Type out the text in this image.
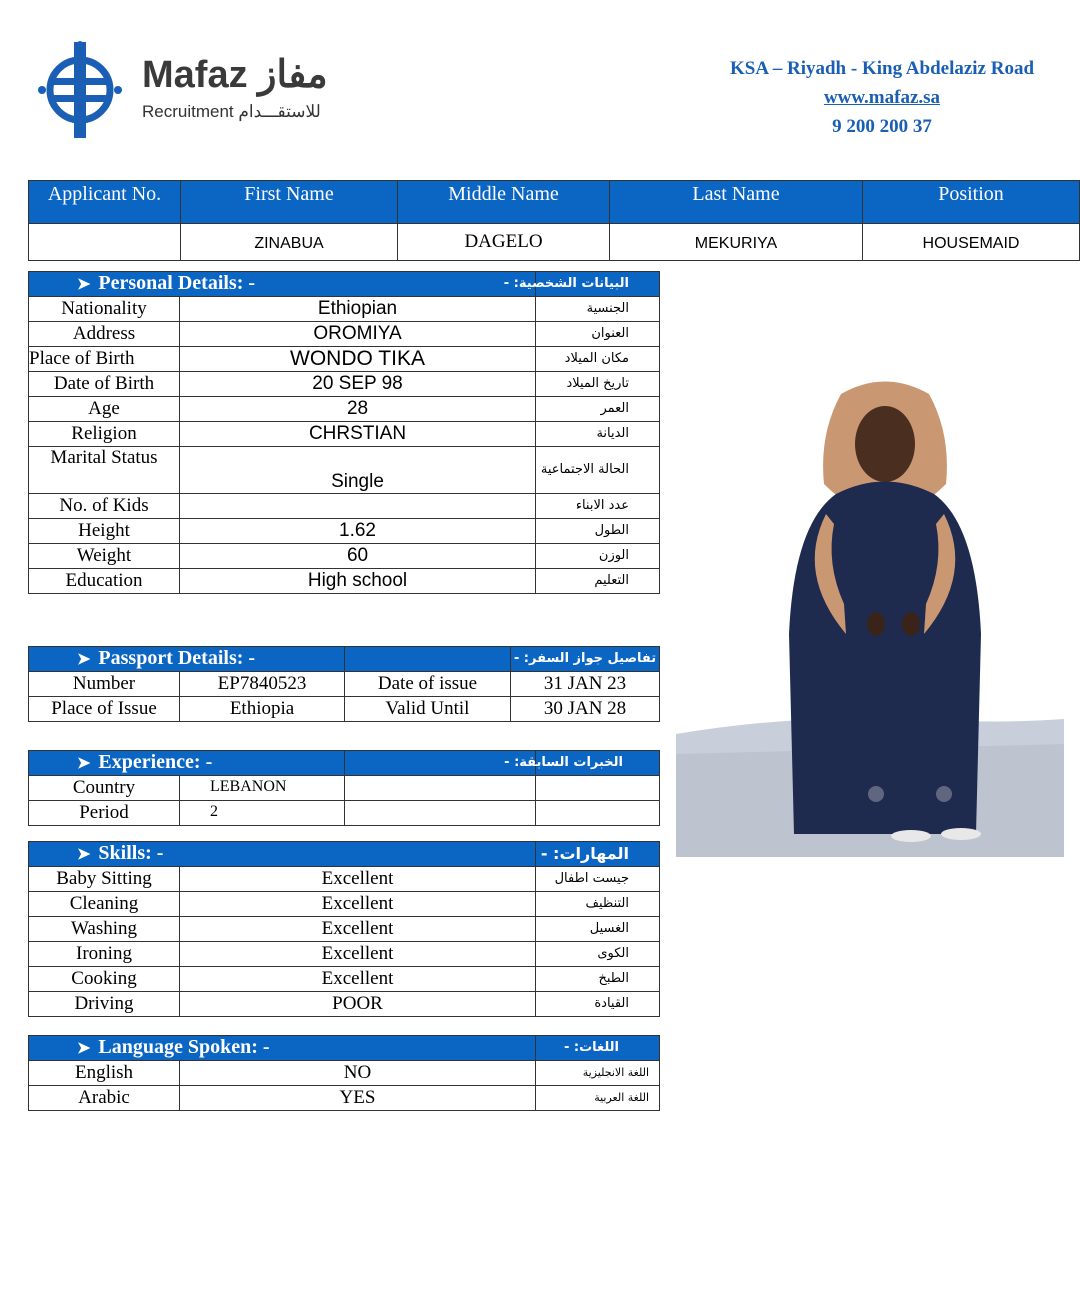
Mafaz مفاز
Recruitment للاستقـــدام
KSA – Riyadh - King Abdelaziz Road
www.mafaz.sa
9 200 200 37
Applicant No.	First Name	Middle Name	Last Name	Position
	ZINABUA	DAGELO	MEKURIYA	HOUSEMAID
➤ Personal Details: -		البيانات الشخصية: -
Nationality	Ethiopian	الجنسية
Address	OROMIYA	العنوان
Place of Birth	WONDO TIKA	مكان الميلاد
Date of Birth	20 SEP 98	تاريخ الميلاد
Age	28	العمر
Religion	CHRSTIAN	الديانة
Marital Status	Single	الحالة الاجتماعية
No. of Kids		عدد الابناء
Height	1.62	الطول
Weight	60	الوزن
Education	High school	التعليم
➤ Passport Details: -			تفاصيل جواز السفر: -
Number	EP7840523	Date of issue	31 JAN 23
Place of Issue	Ethiopia	Valid Until	30 JAN 28
➤ Experience: -			الخبرات السابقة: -
Country	LEBANON		
Period	2		
➤ Skills: -		المهارات: -
Baby Sitting	Excellent	جيست اطفال
Cleaning	Excellent	التنظيف
Washing	Excellent	الغسيل
Ironing	Excellent	الكوى
Cooking	Excellent	الطبخ
Driving	POOR	القيادة
➤ Language Spoken: -		اللغات: -
English	NO	اللغة الانجليزية
Arabic	YES	اللغة العربية
